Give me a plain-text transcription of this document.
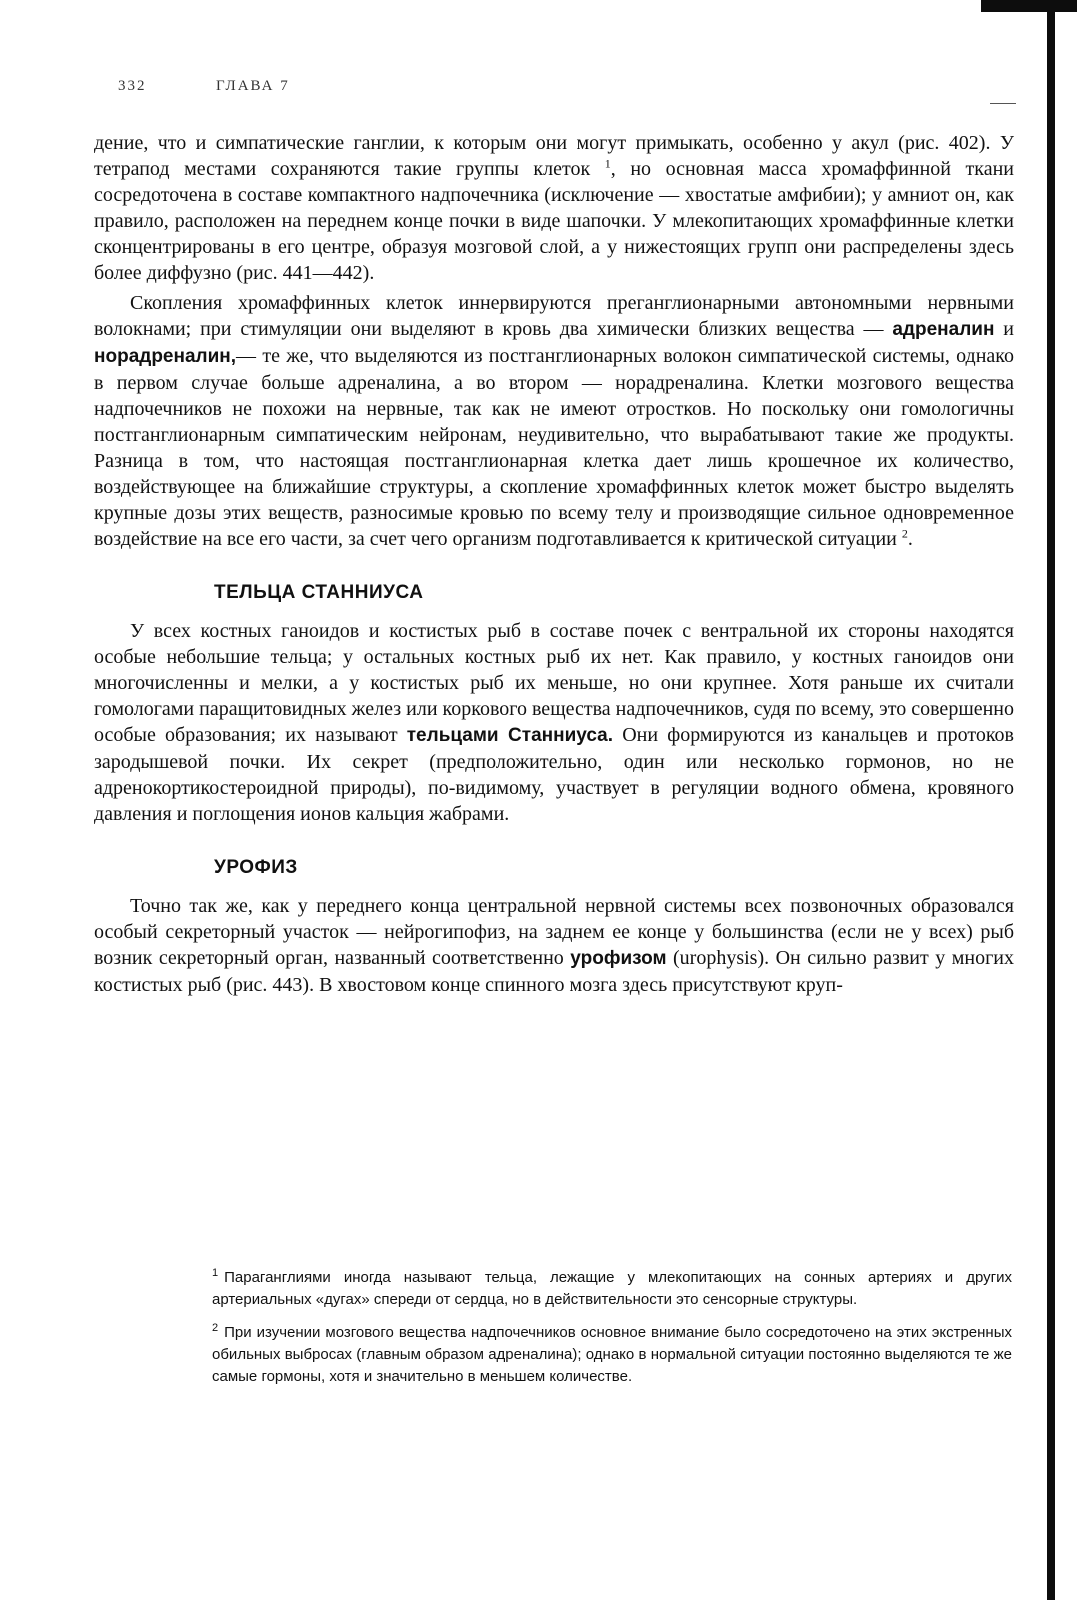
332	ГЛАВА 7

дение, что и симпатические ганглии, к которым они могут примыкать, особенно у акул (рис. 402). У тетрапод местами сохраняются такие группы клеток $^1$, но основная масса хромаффинной ткани сосредоточена в составе компактного надпочечника (исключение — хвостатые амфибии); у амниот он, как правило, расположен на переднем конце почки в виде шапочки. У млекопитающих хромаффинные клетки сконцентрированы в его центре, образуя мозговой слой, а у нижестоящих групп они распределены здесь более диффузно (рис. 441—442).

Скопления хромаффинных клеток иннервируются преганглионарными автономными нервными волокнами; при стимуляции они выделяют в кровь два химически близких вещества — адреналин и норадреналин,— те же, что выделяются из постганглионарных волокон симпатической системы, однако в первом случае больше адреналина, а во втором — норадреналина. Клетки мозгового вещества надпочечников не похожи на нервные, так как не имеют отростков. Но поскольку они гомологичны постганглионарным симпатическим нейронам, неудивительно, что вырабатывают такие же продукты. Разница в том, что настоящая постганглионарная клетка дает лишь крошечное их количество, воздействующее на ближайшие структуры, а скопление хромаффинных клеток может быстро выделять крупные дозы этих веществ, разносимые кровью по всему телу и производящие сильное одновременное воздействие на все его части, за счет чего организм подготавливается к критической ситуации $^2$.

ТЕЛЬЦА СТАННИУСА

У всех костных ганоидов и костистых рыб в составе почек с вентральной их стороны находятся особые небольшие тельца; у остальных костных рыб их нет. Как правило, у костных ганоидов они многочисленны и мелки, а у костистых рыб их меньше, но они крупнее. Хотя раньше их считали гомологами паращитовидных желез или коркового вещества надпочечников, судя по всему, это совершенно особые образования; их называют тельцами Станниуса. Они формируются из канальцев и протоков зародышевой почки. Их секрет (предположительно, один или несколько гормонов, но не адренокортикостероидной природы), по-видимому, участвует в регуляции водного обмена, кровяного давления и поглощения ионов кальция жабрами.

УРОФИЗ

Точно так же, как у переднего конца центральной нервной системы всех позвоночных образовался особый секреторный участок — нейрогипофиз, на заднем ее конце у большинства (если не у всех) рыб возник секреторный орган, названный соответственно урофизом (urophysis). Он сильно развит у многих костистых рыб (рис. 443). В хвостовом конце спинного мозга здесь присутствуют круп-

$^1$ Параганглиями иногда называют тельца, лежащие у млекопитающих на сонных артериях и других артериальных «дугах» спереди от сердца, но в действительности это сенсорные структуры.

$^2$ При изучении мозгового вещества надпочечников основное внимание было сосредоточено на этих экстренных обильных выбросах (главным образом адреналина); однако в нормальной ситуации постоянно выделяются те же самые гормоны, хотя и значительно в меньшем количестве.
